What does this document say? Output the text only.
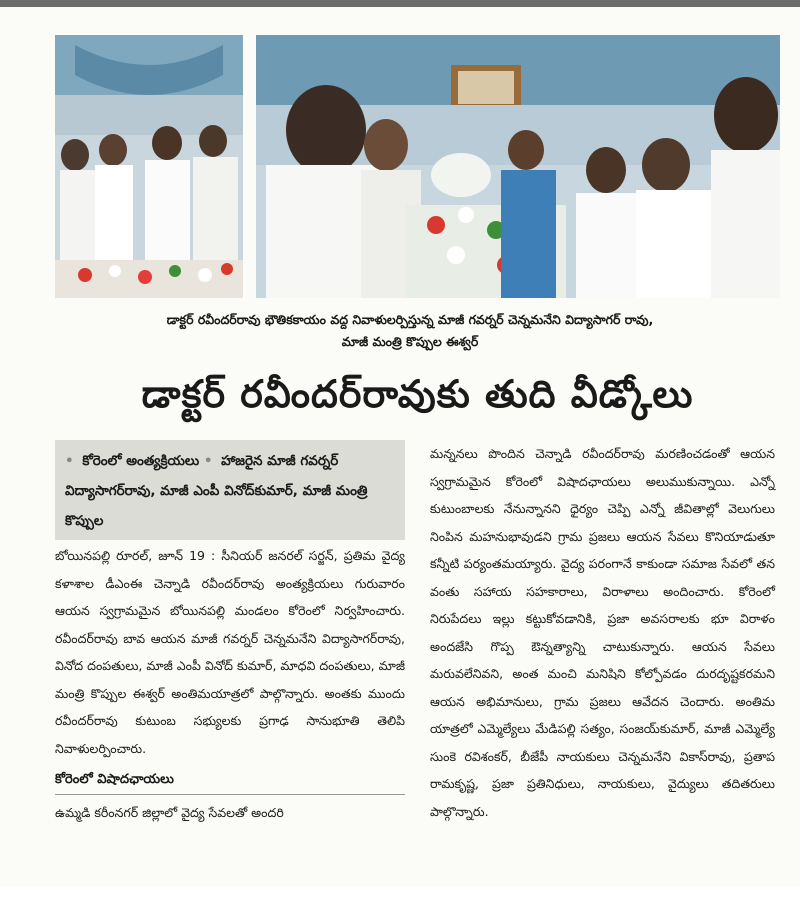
డాక్టర్ రవీందర్‌రావు భౌతికకాయం వద్ద నివాళులర్పిస్తున్న మాజీ గవర్నర్ చెన్నమనేని విద్యాసాగర్ రావు,
మాజీ మంత్రి కొప్పుల ఈశ్వర్
డాక్టర్ రవీందర్‌రావుకు తుది వీడ్కోలు
• కోరెంలో అంత్యక్రియలు • హాజరైన మాజీ గవర్నర్ విద్యాసాగర్‌రావు, మాజీ ఎంపీ వినోద్‌కుమార్, మాజీ మంత్రి కొప్పుల

బోయినపల్లి రూరల్, జూన్ 19 : సీనియర్ జనరల్ సర్జన్, ప్రతిమ వైద్య కళాశాల డీఎంఈ చెన్నాడి రవీందర్‌రావు అంత్యక్రియలు గురువారం ఆయన స్వగ్రామమైన బోయినపల్లి మండలం కోరెంలో నిర్వహించారు. రవీందర్‌రావు బావ ఆయన మాజీ గవర్నర్ చెన్నమనేని విద్యాసాగర్‌రావు, వినోద దంపతులు, మాజీ ఎంపీ వినోద్ కుమార్, మాధవి దంపతులు, మాజీ మంత్రి కొప్పుల ఈశ్వర్ అంతిమయాత్రలో పాల్గొన్నారు. అంతకు ముందు రవీందర్‌రావు కుటుంబ సభ్యులకు ప్రగాఢ సానుభూతి తెలిపి నివాళులర్పించారు.

కోరెంలో విషాదఛాయలు

ఉమ్మడి కరీంనగర్ జిల్లాలో వైద్య సేవలతో అందరి

మన్ననలు పొందిన చెన్నాడి రవీందర్‌రావు మరణించడంతో ఆయన స్వగ్రామమైన కోరెంలో విషాదఛాయలు అలుముకున్నాయి. ఎన్నో కుటుంబాలకు నేనున్నానని ధైర్యం చెప్పి ఎన్నో జీవితాల్లో వెలుగులు నింపిన మహనుభావుడని గ్రామ ప్రజలు ఆయన సేవలు కొనియాడుతూ కన్నీటి పర్యంతమయ్యారు. వైద్య పరంగానే కాకుండా సమాజ సేవలో తన వంతు సహాయ సహకారాలు, విరాళాలు అందించారు. కోరెంలో నిరుపేదలు ఇల్లు కట్టుకోవడానికి, ప్రజా అవసరాలకు భూ విరాళం అందజేసి గొప్ప ఔన్నత్యాన్ని చాటుకున్నారు. ఆయన సేవలు మరువలేనివని, అంత మంచి మనిషిని కోల్పోవడం దురదృష్టకరమని ఆయన అభిమానులు, గ్రామ ప్రజలు ఆవేదన చెందారు. అంతిమ యాత్రలో ఎమ్మెల్యేలు మేడిపల్లి సత్యం, సంజయ్‌కుమార్, మాజీ ఎమ్మెల్యే సుంకె రవిశంకర్, బీజేపీ నాయకులు చెన్నమనేని వికాస్‌రావు, ప్రతాప రామకృష్ణ, ప్రజా ప్రతినిధులు, నాయకులు, వైద్యులు తదితరులు పాల్గొన్నారు.
